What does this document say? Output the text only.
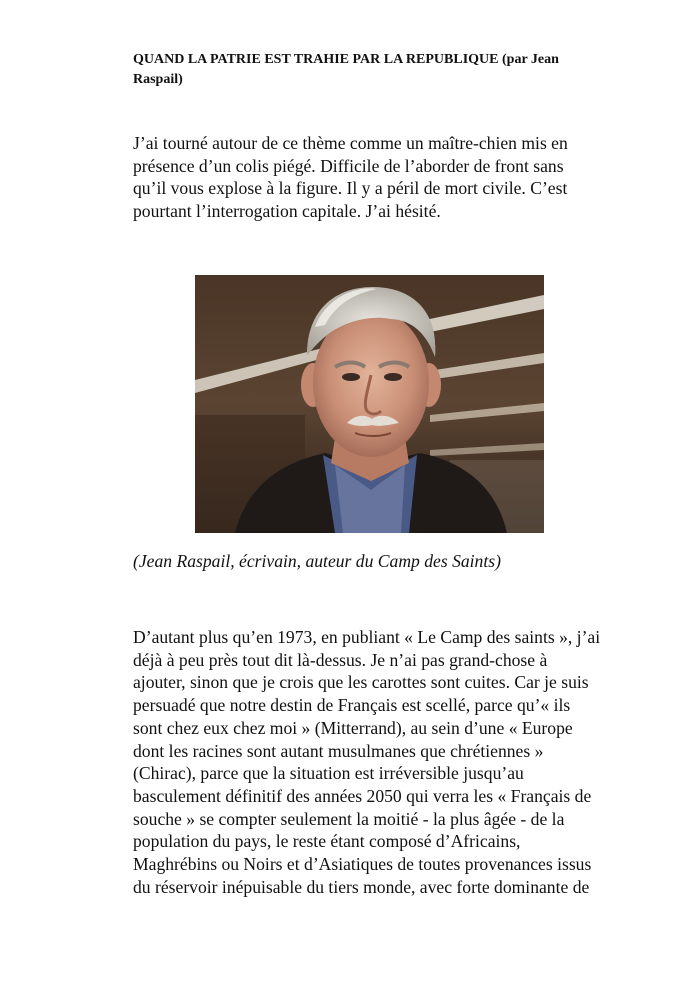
QUAND LA PATRIE EST TRAHIE PAR LA REPUBLIQUE (par Jean
Raspail)

J’ai tourné autour de ce thème comme un maître-chien mis en
présence d’un colis piégé. Difficile de l’aborder de front sans
qu’il vous explose à la figure. Il y a péril de mort civile. C’est
pourtant l’interrogation capitale. J’ai hésité.

(Jean Raspail, écrivain, auteur du Camp des Saints)

D’autant plus qu’en 1973, en publiant « Le Camp des saints », j’ai
déjà à peu près tout dit là-dessus. Je n’ai pas grand-chose à
ajouter, sinon que je crois que les carottes sont cuites. Car je suis
persuadé que notre destin de Français est scellé, parce qu’« ils
sont chez eux chez moi » (Mitterrand), au sein d’une « Europe
dont les racines sont autant musulmanes que chrétiennes »
(Chirac), parce que la situation est irréversible jusqu’au
basculement définitif des années 2050 qui verra les « Français de
souche » se compter seulement la moitié - la plus âgée - de la
population du pays, le reste étant composé d’Africains,
Maghrébins ou Noirs et d’Asiatiques de toutes provenances issus
du réservoir inépuisable du tiers monde, avec forte dominante de
